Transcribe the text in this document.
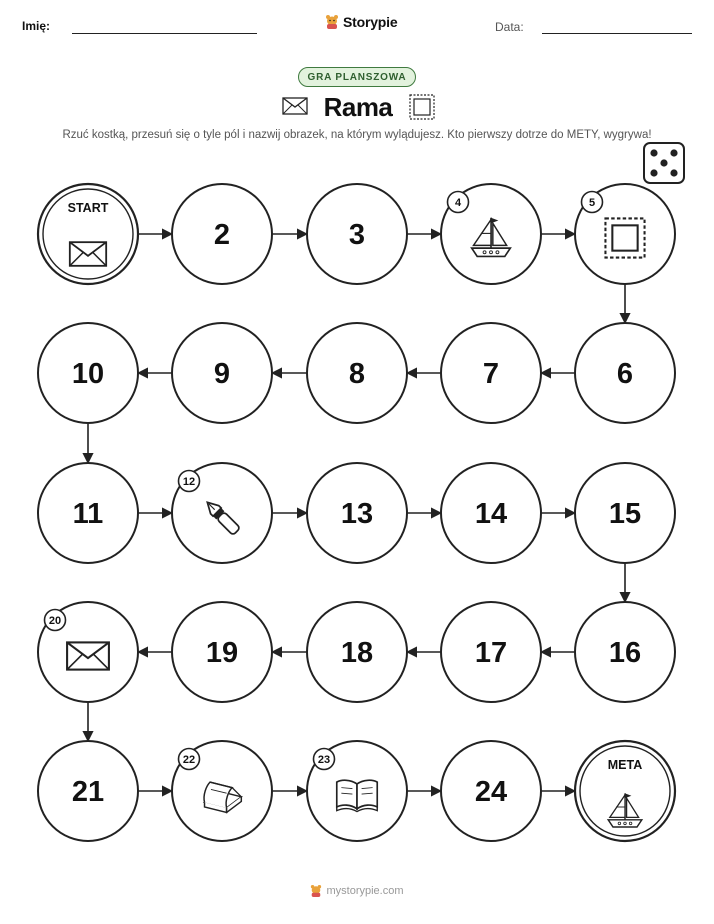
Imię:	Storypie	Data:
GRA PLANSZOWA
Rama
Rzuć kostką, przesuń się o tyle pól i nazwij obrazek, na którym wylądujesz. Kto pierwszy dotrze do METY, wygrywa!
START
2	3
4	5
6
7
8
9
10
11
12
13	14	15
16
17
18
19
20
21
22	23
24
META
mystorypie.com
